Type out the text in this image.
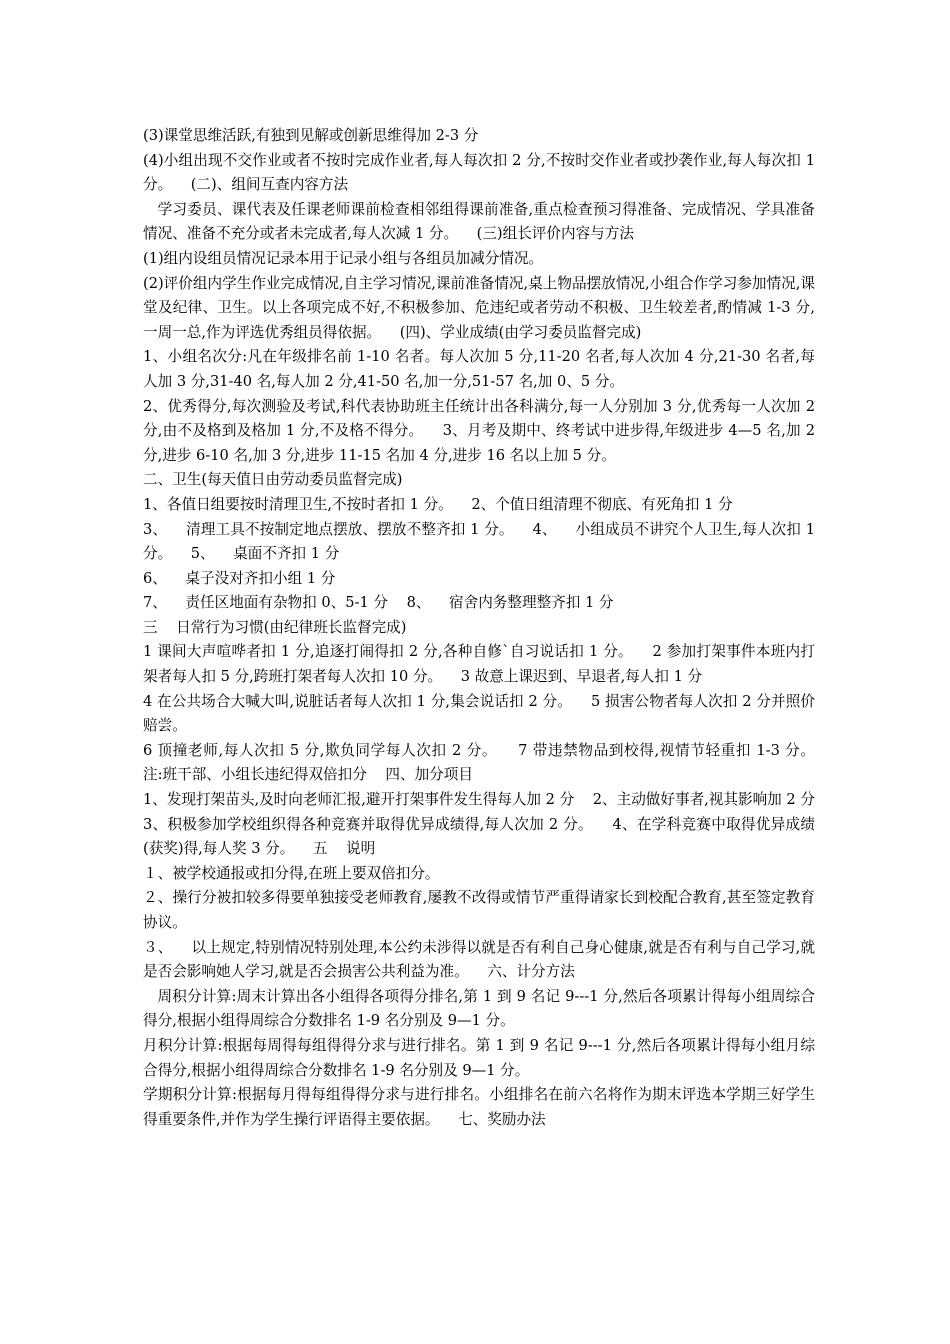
(3)课堂思维活跃,有独到见解或创新思维得加 2-3 分

(4)小组出现不交作业或者不按时完成作业者,每人每次扣 2 分,不按时交作业者或抄袭作业,每人每次扣 1 分。    (二)、组间互查内容方法

学习委员、课代表及任课老师课前检查相邻组得课前准备,重点检查预习得准备、完成情况、学具准备情况、准备不充分或者未完成者,每人次减 1 分。    (三)组长评价内容与方法

(1)组内设组员情况记录本用于记录小组与各组员加减分情况。

(2)评价组内学生作业完成情况,自主学习情况,课前准备情况,桌上物品摆放情况,小组合作学习参加情况,课堂及纪律、卫生。以上各项完成不好,不积极参加、危违纪或者劳动不积极、卫生较差者,酌情减 1-3 分,一周一总,作为评选优秀组员得依据。    (四)、学业成绩(由学习委员监督完成)

1、小组名次分:凡在年级排名前 1-10 名者。每人次加 5 分,11-20 名者,每人次加 4 分,21-30 名者,每人加 3 分,31-40 名,每人加 2 分,41-50 名,加一分,51-57 名,加 0、5 分。

2、优秀得分,每次测验及考试,科代表协助班主任统计出各科满分,每一人分别加 3 分,优秀每一人次加 2 分,由不及格到及格加 1 分,不及格不得分。    3、月考及期中、终考试中进步得,年级进步 4—5 名,加 2 分,进步 6-10 名,加 3 分,进步 11-15 名加 4 分,进步 16 名以上加 5 分。

二、卫生(每天值日由劳动委员监督完成)

1、各值日组要按时清理卫生,不按时者扣 1 分。    2、个值日组清理不彻底、有死角扣 1 分

3、    清理工具不按制定地点摆放、摆放不整齐扣 1 分。    4、    小组成员不讲究个人卫生,每人次扣 1 分。    5、    桌面不齐扣 1 分

6、    桌子没对齐扣小组 1 分

7、    责任区地面有杂物扣 0、5-1 分    8、    宿舍内务整理整齐扣 1 分

三    日常行为习惯(由纪律班长监督完成)

1 课间大声喧哗者扣 1 分,追逐打闹得扣 2 分,各种自修`自习说话扣 1 分。    2 参加打架事件本班内打架者每人扣 5 分,跨班打架者每人次扣 10 分。    3 故意上课迟到、早退者,每人扣 1 分

4 在公共场合大喊大叫,说脏话者每人次扣 1 分,集会说话扣 2 分。    5 损害公物者每人次扣 2 分并照价赔尝。

6 顶撞老师,每人次扣 5 分,欺负同学每人次扣 2 分。    7 带违禁物品到校得,视情节轻重扣 1-3 分。    注:班干部、小组长违纪得双倍扣分    四、加分项目

1、发现打架苗头,及时向老师汇报,避开打架事件发生得每人加 2 分    2、主动做好事者,视其影响加 2 分

3、积极参加学校组织得各种竞赛并取得优异成绩得,每人次加 2 分。    4、在学科竞赛中取得优异成绩(获奖)得,每人奖 3 分。    五    说明

１、被学校通报或扣分得,在班上要双倍扣分。

２、操行分被扣较多得要单独接受老师教育,屡教不改得或情节严重得请家长到校配合教育,甚至签定教育协议。

３、    以上规定,特别情况特别处理,本公约未涉得以就是否有利自己身心健康,就是否有利与自己学习,就是否会影响她人学习,就是否会损害公共利益为准。    六、计分方法

周积分计算:周末计算出各小组得各项得分排名,第 1 到 9 名记 9---1 分,然后各项累计得每小组周综合得分,根据小组得周综合分数排名 1-9 名分别及 9—1 分。

月积分计算:根据每周得每组得得分求与进行排名。第 1 到 9 名记 9---1 分,然后各项累计得每小组月综合得分,根据小组得周综合分数排名 1-9 名分别及 9—1 分。

学期积分计算:根据每月得每组得得分求与进行排名。小组排名在前六名将作为期末评选本学期三好学生得重要条件,并作为学生操行评语得主要依据。    七、奖励办法
